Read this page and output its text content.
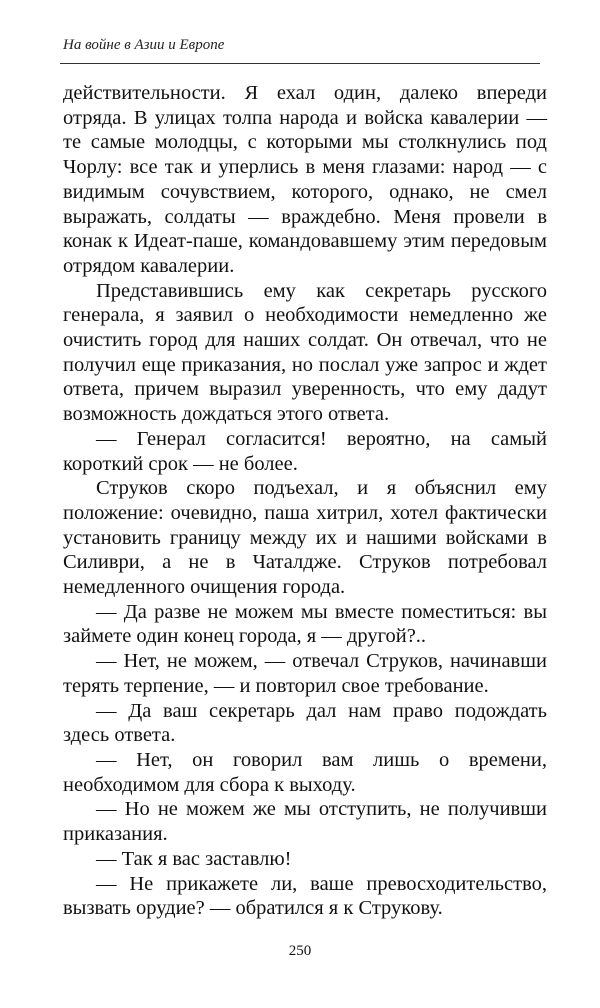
На войне в Азии и Европе

действительности. Я ехал один, далеко впереди отряда. В улицах толпа народа и войска кавалерии — те самые молодцы, с которыми мы столкнулись под Чорлу: все так и уперлись в меня глазами: народ — с видимым сочувствием, которого, однако, не смел выражать, солдаты — враждебно. Меня провели в конак к Идеат-паше, командовавшему этим передовым отрядом кавалерии.

Представившись ему как секретарь русского генерала, я заявил о необходимости немедленно же очистить город для наших солдат. Он отвечал, что не получил еще приказания, но послал уже запрос и ждет ответа, причем выразил уверенность, что ему дадут возможность дождаться этого ответа.

— Генерал согласится! вероятно, на самый короткий срок — не более.

Струков скоро подъехал, и я объяснил ему положение: очевидно, паша хитрил, хотел фактически установить границу между их и нашими войсками в Силиври, а не в Чаталдже. Струков потребовал немедленного очищения города.

— Да разве не можем мы вместе поместиться: вы займете один конец города, я — другой?..

— Нет, не можем, — отвечал Струков, начинавши терять терпение, — и повторил свое требование.

— Да ваш секретарь дал нам право подождать здесь ответа.

— Нет, он говорил вам лишь о времени, необходимом для сбора к выходу.

— Но не можем же мы отступить, не получивши приказания.

— Так я вас заставлю!

— Не прикажете ли, ваше превосходительство, вызвать орудие? — обратился я к Струкову.

250
